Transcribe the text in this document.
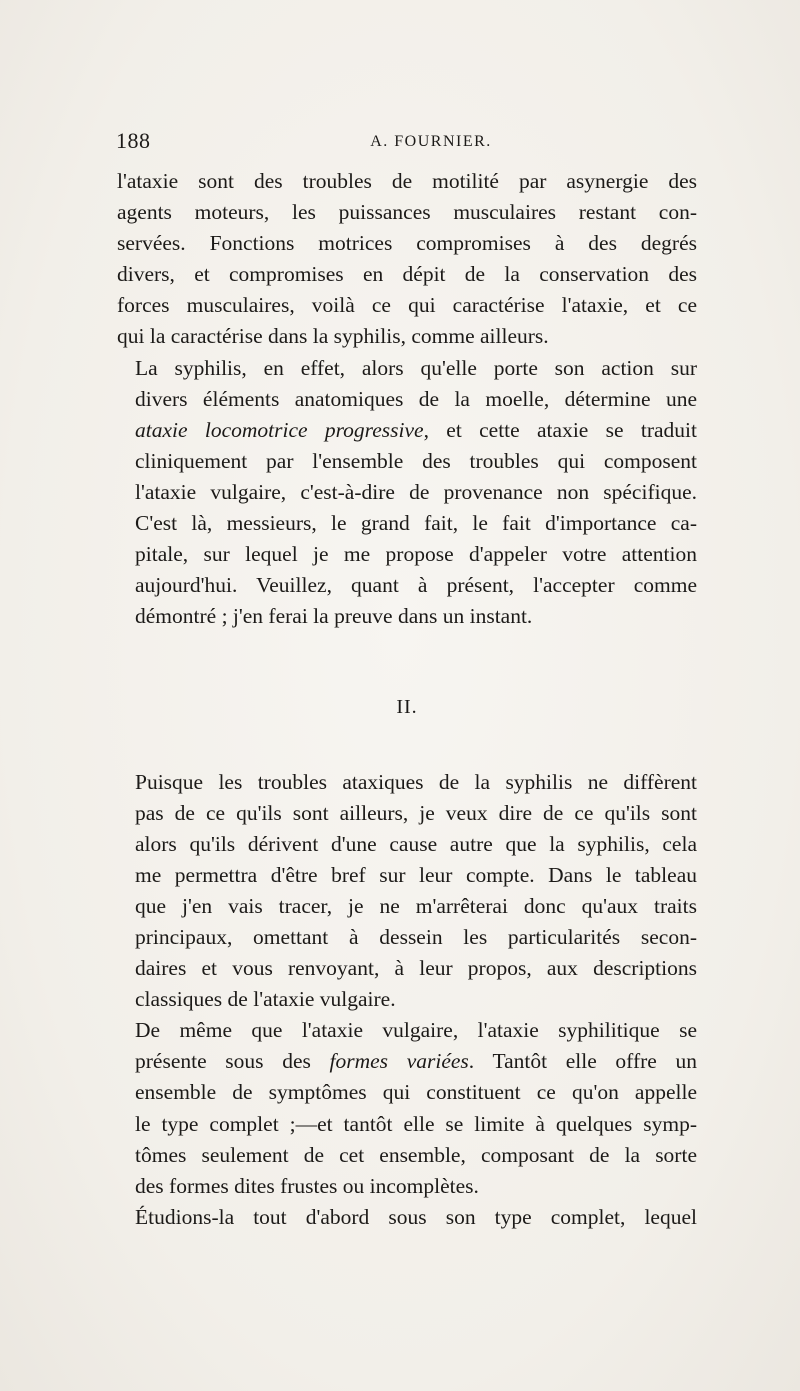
188	A. FOURNIER.

l'ataxie sont des troubles de motilité par asynergie des
agents moteurs, les puissances musculaires restant con-
servées. Fonctions motrices compromises à des degrés
divers, et compromises en dépit de la conservation des
forces musculaires, voilà ce qui caractérise l'ataxie, et ce
qui la caractérise dans la syphilis, comme ailleurs.

La syphilis, en effet, alors qu'elle porte son action sur
divers éléments anatomiques de la moelle, détermine une
ataxie locomotrice progressive, et cette ataxie se traduit
cliniquement par l'ensemble des troubles qui composent
l'ataxie vulgaire, c'est-à-dire de provenance non spécifique.
C'est là, messieurs, le grand fait, le fait d'importance ca-
pitale, sur lequel je me propose d'appeler votre attention
aujourd'hui. Veuillez, quant à présent, l'accepter comme
démontré ; j'en ferai la preuve dans un instant.

II.

Puisque les troubles ataxiques de la syphilis ne diffèrent
pas de ce qu'ils sont ailleurs, je veux dire de ce qu'ils sont
alors qu'ils dérivent d'une cause autre que la syphilis, cela
me permettra d'être bref sur leur compte. Dans le tableau
que j'en vais tracer, je ne m'arrêterai donc qu'aux traits
principaux, omettant à dessein les particularités secon-
daires et vous renvoyant, à leur propos, aux descriptions
classiques de l'ataxie vulgaire.

De même que l'ataxie vulgaire, l'ataxie syphilitique se
présente sous des formes variées. Tantôt elle offre un
ensemble de symptômes qui constituent ce qu'on appelle
le type complet ;—et tantôt elle se limite à quelques symp-
tômes seulement de cet ensemble, composant de la sorte
des formes dites frustes ou incomplètes.

Étudions-la tout d'abord sous son type complet, lequel
